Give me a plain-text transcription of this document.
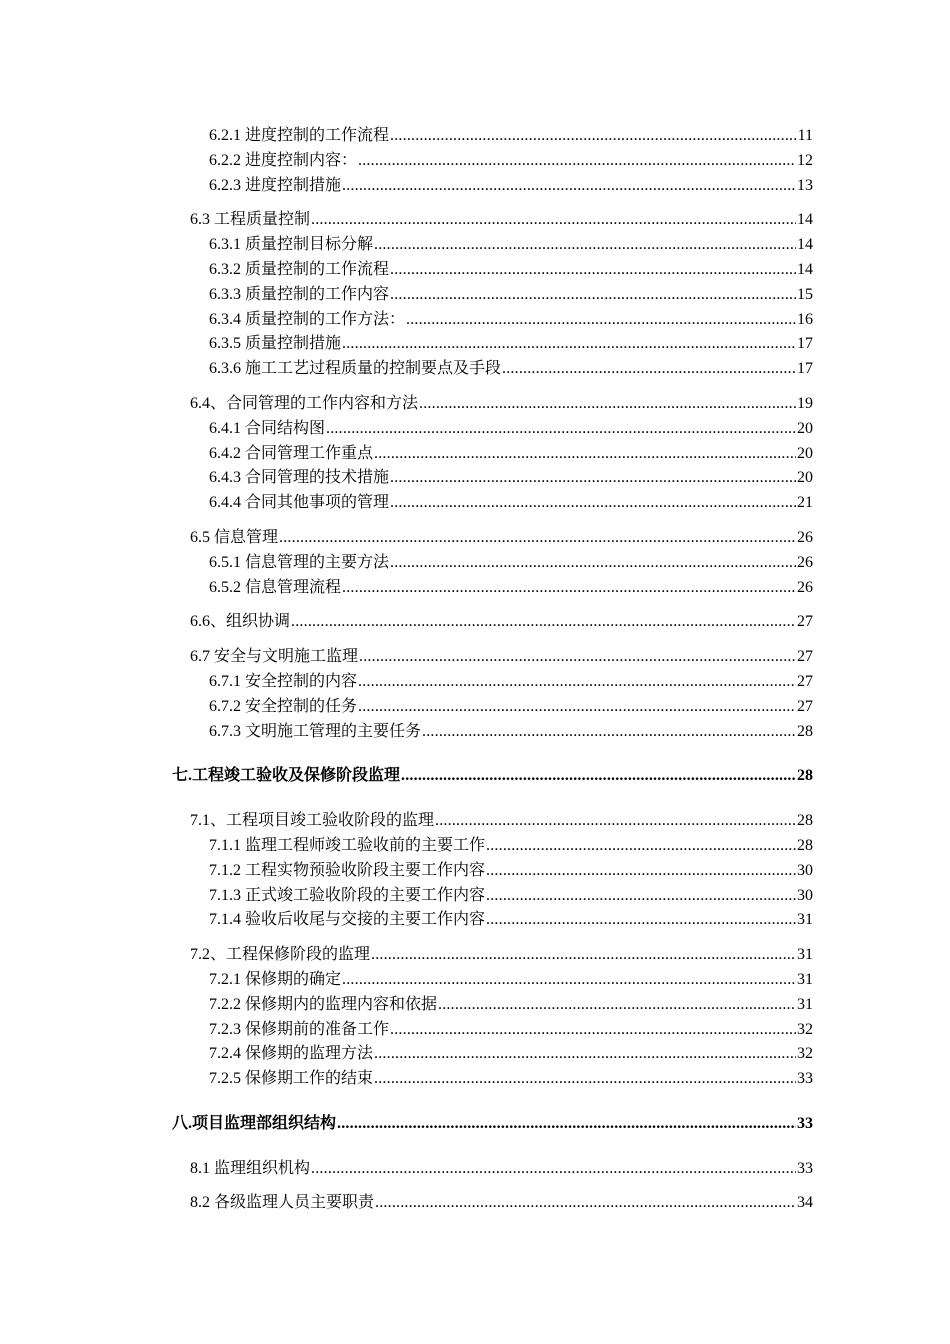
6.2.1 进度控制的工作流程 .....	11
6.2.2 进度控制内容： .....	12
6.2.3 进度控制措施 .....	13
6.3 工程质量控制 .....	14
6.3.1 质量控制目标分解 .....	14
6.3.2 质量控制的工作流程 .....	14
6.3.3 质量控制的工作内容 .....	15
6.3.4 质量控制的工作方法： .....	16
6.3.5 质量控制措施 .....	17
6.3.6 施工工艺过程质量的控制要点及手段 .....	17
6.4、合同管理的工作内容和方法 .....	19
6.4.1 合同结构图 .....	20
6.4.2 合同管理工作重点 .....	20
6.4.3 合同管理的技术措施 .....	20
6.4.4 合同其他事项的管理 .....	21
6.5 信息管理 .....	26
6.5.1 信息管理的主要方法 .....	26
6.5.2 信息管理流程 .....	26
6.6、组织协调 .....	27
6.7 安全与文明施工监理 .....	27
6.7.1 安全控制的内容 .....	27
6.7.2 安全控制的任务 .....	27
6.7.3 文明施工管理的主要任务 .....	28
七.工程竣工验收及保修阶段监理 .....	28
7.1、工程项目竣工验收阶段的监理 .....	28
7.1.1 监理工程师竣工验收前的主要工作 .....	28
7.1.2 工程实物预验收阶段主要工作内容 .....	30
7.1.3 正式竣工验收阶段的主要工作内容 .....	30
7.1.4 验收后收尾与交接的主要工作内容 .....	31
7.2、工程保修阶段的监理 .....	31
7.2.1 保修期的确定 .....	31
7.2.2 保修期内的监理内容和依据 .....	31
7.2.3 保修期前的准备工作 .....	32
7.2.4 保修期的监理方法 .....	32
7.2.5 保修期工作的结束 .....	33
八.项目监理部组织结构 .....	33
8.1 监理组织机构 .....	33
8.2 各级监理人员主要职责 .....	34
